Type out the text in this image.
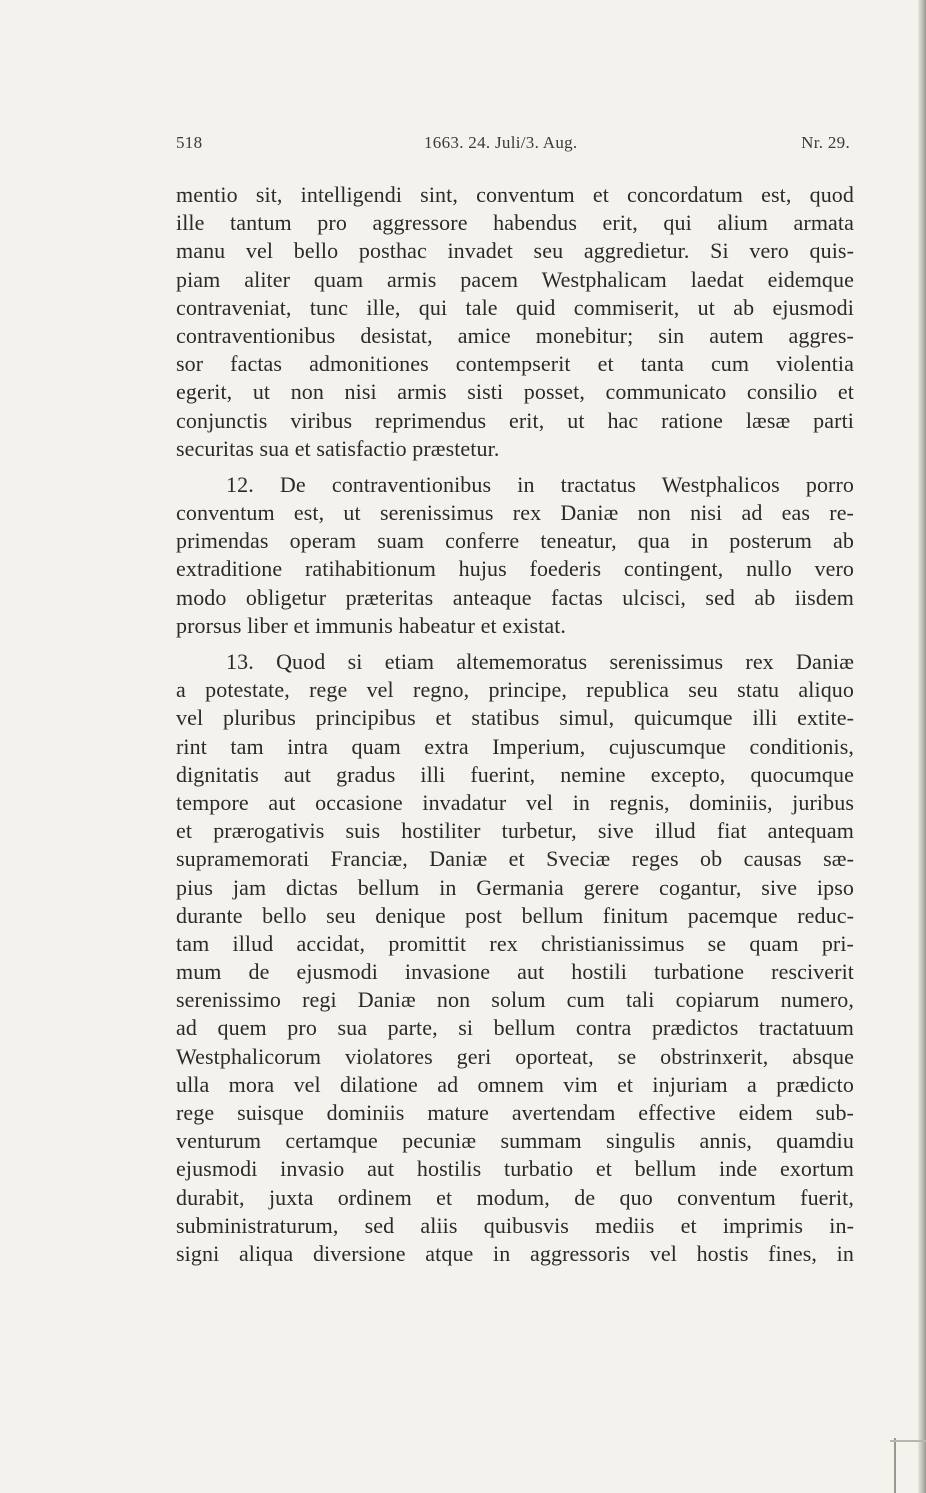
518	1663. 24. Juli/3. Aug.	Nr. 29.

mentio sit, intelligendi sint, conventum et concordatum est, quod
ille tantum pro aggressore habendus erit, qui alium armata
manu vel bello posthac invadet seu aggredietur. Si vero quis-
piam aliter quam armis pacem Westphalicam laedat eidemque
contraveniat, tunc ille, qui tale quid commiserit, ut ab ejusmodi
contraventionibus desistat, amice monebitur; sin autem aggres-
sor factas admonitiones contempserit et tanta cum violentia
egerit, ut non nisi armis sisti posset, communicato consilio et
conjunctis viribus reprimendus erit, ut hac ratione læsæ parti
securitas sua et satisfactio præstetur.

12. De contraventionibus in tractatus Westphalicos porro
conventum est, ut serenissimus rex Daniæ non nisi ad eas re-
primendas operam suam conferre teneatur, qua in posterum ab
extraditione ratihabitionum hujus foederis contingent, nullo vero
modo obligetur præteritas anteaque factas ulcisci, sed ab iisdem
prorsus liber et immunis habeatur et existat.

13. Quod si etiam altememoratus serenissimus rex Daniæ
a potestate, rege vel regno, principe, republica seu statu aliquo
vel pluribus principibus et statibus simul, quicumque illi extite-
rint tam intra quam extra Imperium, cujuscumque conditionis,
dignitatis aut gradus illi fuerint, nemine excepto, quocumque
tempore aut occasione invadatur vel in regnis, dominiis, juribus
et prærogativis suis hostiliter turbetur, sive illud fiat antequam
supramemorati Franciæ, Daniæ et Sveciæ reges ob causas sæ-
pius jam dictas bellum in Germania gerere cogantur, sive ipso
durante bello seu denique post bellum finitum pacemque reduc-
tam illud accidat, promittit rex christianissimus se quam pri-
mum de ejusmodi invasione aut hostili turbatione resciverit
serenissimo regi Daniæ non solum cum tali copiarum numero,
ad quem pro sua parte, si bellum contra prædictos tractatuum
Westphalicorum violatores geri oporteat, se obstrinxerit, absque
ulla mora vel dilatione ad omnem vim et injuriam a prædicto
rege suisque dominiis mature avertendam effective eidem sub-
venturum certamque pecuniæ summam singulis annis, quamdiu
ejusmodi invasio aut hostilis turbatio et bellum inde exortum
durabit, juxta ordinem et modum, de quo conventum fuerit,
subministraturum, sed aliis quibusvis mediis et imprimis in-
signi aliqua diversione atque in aggressoris vel hostis fines, in
